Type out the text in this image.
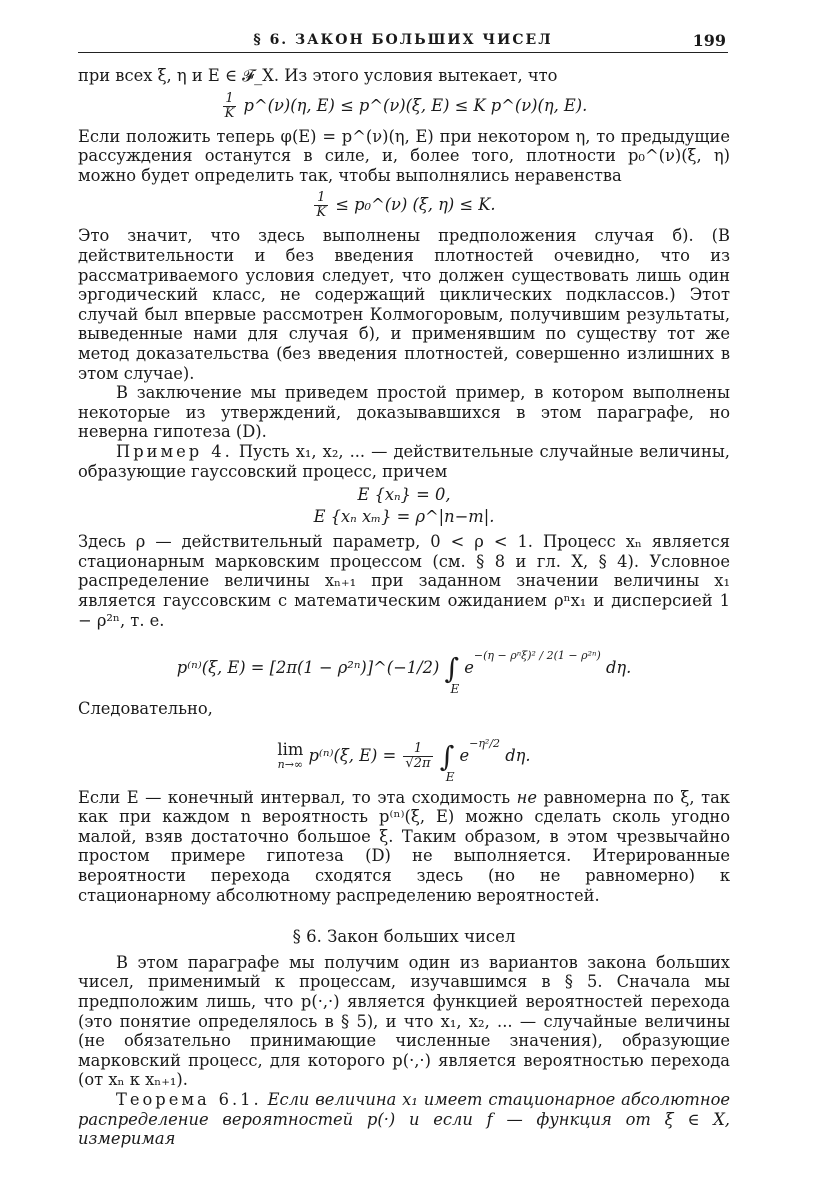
§ 6. ЗАКОН БОЛЬШИХ ЧИСЕЛ	199

при всех ξ, η и E ∈ 𝓕_X. Из этого условия вытекает, что

$\frac{1}{K}$ p^(ν)(η, E) ≤ p^(ν)(ξ, E) ≤ K p^(ν)(η, E).

Если положить теперь φ(E) = p^(ν)(η, E) при некотором η, то предыдущие рассуждения останутся в силе, и, более того, плотности p₀^(ν)(ξ, η) можно будет определить так, чтобы выполнялись неравенства

$\frac{1}{K}$ ≤ p₀^(ν) (ξ, η) ≤ K.

Это значит, что здесь выполнены предположения случая б). (В действительности и без введения плотностей очевидно, что из рассматриваемого условия следует, что должен существовать лишь один эргодический класс, не содержащий циклических подклассов.) Этот случай был впервые рассмотрен Колмогоровым, получившим результаты, выведенные нами для случая б), и применявшим по существу тот же метод доказательства (без введения плотностей, совершенно излишних в этом случае).

В заключение мы приведем простой пример, в котором выполнены некоторые из утверждений, доказывавшихся в этом параграфе, но неверна гипотеза (D).

Пример 4. Пусть x₁, x₂, ... — действительные случайные величины, образующие гауссовский процесс, причем

E {xₙ} = 0,
E {xₙ xₘ} = ρ^|n−m|.

Здесь ρ — действительный параметр, 0 < ρ < 1. Процесс xₙ является стационарным марковским процессом (см. § 8 и гл. X, § 4). Условное распределение величины xₙ₊₁ при заданном значении величины x₁ является гауссовским с математическим ожиданием ρⁿx₁ и дисперсией 1 − ρ²ⁿ, т. е.

p⁽ⁿ⁾(ξ, E) = [2π(1 − ρ²ⁿ)]^(−1/2) ∫
E
$e^{-(\eta - \rho^n\xi)^2 / 2(1 - \rho^{2n})}$ dη.

Следовательно,

lim
n→∞ p⁽ⁿ⁾(ξ, $E) = \frac{1}{√2\pi}$ ∫
E
$e^{-\eta^2/2}$ dη.

Если E — конечный интервал, то эта сходимость не равномерна по ξ, так как при каждом n вероятность p⁽ⁿ⁾(ξ, E) можно сделать сколь угодно малой, взяв достаточно большое ξ. Таким образом, в этом чрезвычайно простом примере гипотеза (D) не выполняется. Итерированные вероятности перехода сходятся здесь (но не равномерно) к стационарному абсолютному распределению вероятностей.

§ 6. Закон больших чисел

В этом параграфе мы получим один из вариантов закона больших чисел, применимый к процессам, изучавшимся в § 5. Сначала мы предположим лишь, что p(·,·) является функцией вероятностей перехода (это понятие определялось в § 5), и что x₁, x₂, ... — случайные величины (не обязательно принимающие численные значения), образующие марковский процесс, для которого p(·,·) является вероятностью перехода (от xₙ к xₙ₊₁).

Теорема 6.1. Если величина x₁ имеет стационарное абсолютное распределение вероятностей p(·) и если f — функция от ξ ∈ X, измеримая
